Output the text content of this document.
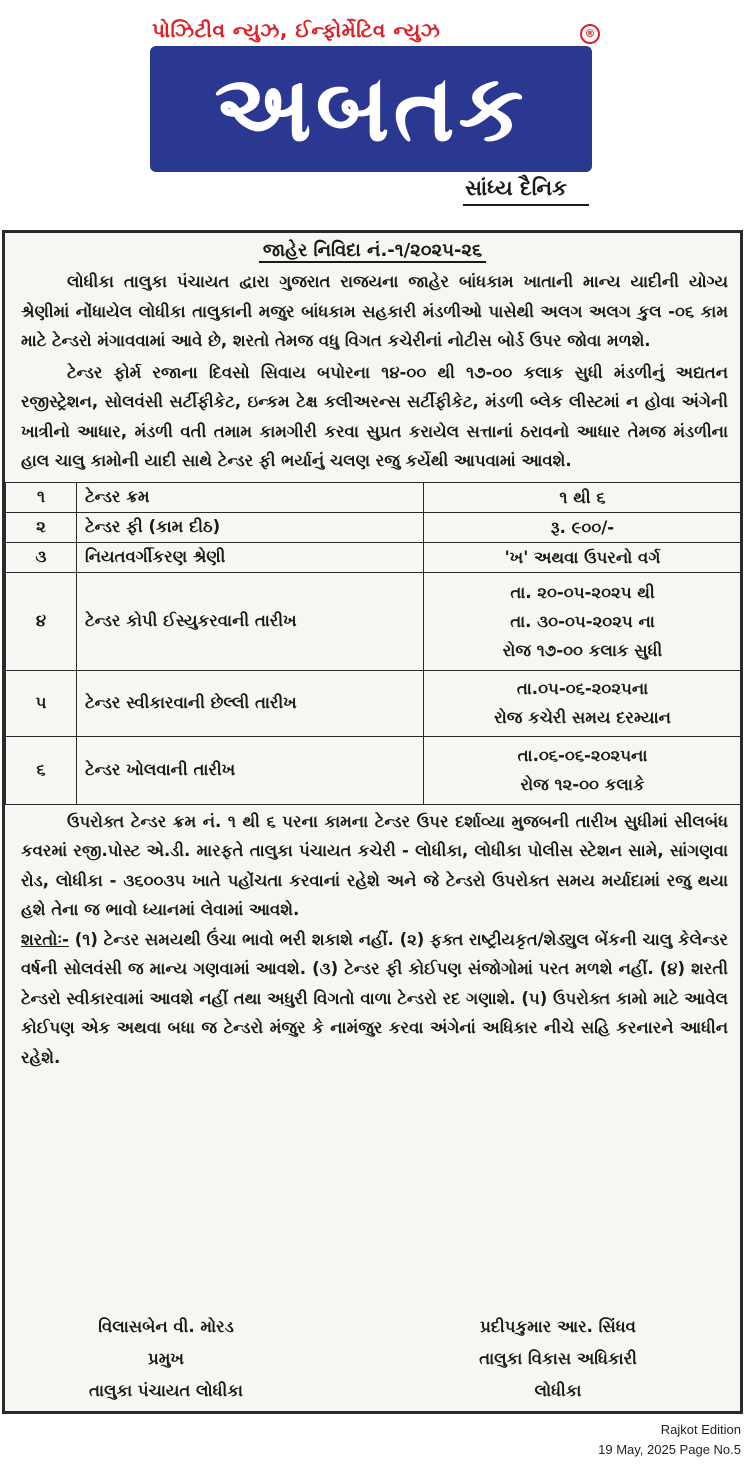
પોઝિટીવ ન્યુઝ, ઈન્ફોર્મેટિવ ન્યુઝ	®
અબતક
સાંધ્ય દૈનિક
જાહેર નિવિદા નં.-૧/૨૦૨૫-૨૬

લોધીકા તાલુકા પંચાયત દ્વારા ગુજરાત રાજયના જાહેર બાંધકામ ખાતાની માન્ય યાદીની યોગ્ય શ્રેણીમાં નોંધાયેલ લોધીકા તાલુકાની મજુર બાંધકામ સહકારી મંડળીઓ પાસેથી અલગ અલગ કુલ -૦૬ કામ માટે ટેન્ડરો મંગાવવામાં આવે છે, શરતો તેમજ વધુ વિગત કચેરીનાં નોટીસ બોર્ડ ઉપર જોવા મળશે.

ટેન્ડર ફોર્મ રજાના દિવસો સિવાય બપોરના ૧૪-૦૦ થી ૧૭-૦૦ કલાક સુધી મંડળીનું અદ્યતન રજીસ્ટ્રેશન, સોલવંસી સર્ટીફીકેટ, ઇન્કમ ટેક્ષ કલીઅરન્સ સર્ટીફીકેટ, મંડળી બ્લેક લીસ્ટમાં ન હોવા અંગેની ખાત્રીનો આધાર, મંડળી વતી તમામ કામગીરી કરવા સુપ્રત કરાયેલ સત્તાનાં ઠરાવનો આધાર તેમજ મંડળીના હાલ ચાલુ કામોની યાદી સાથે ટેન્ડર ફી ભર્યાનું ચલણ રજુ કર્યેથી આપવામાં આવશે.

૧	ટેન્ડર ક્રમ	૧ થી ૬

૨	ટેન્ડર ફી (કામ દીઠ)	રૂ. ૯૦૦/-

૩	નિયતવર્ગીકરણ શ્રેણી	'ખ' અથવા ઉપરનો વર્ગ

૪	ટેન્ડર કોપી ઈસ્યુકરવાની તારીખ	તા. ૨૦-૦૫-૨૦૨૫ થી
તા. ૩૦-૦૫-૨૦૨૫ ના
રોજ ૧૭-૦૦ કલાક સુધી

૫	ટેન્ડર સ્વીકારવાની છેલ્લી તારીખ	તા.૦૫-૦૬-૨૦૨૫ના
રોજ કચેરી સમય દરમ્યાન

૬	ટેન્ડર ખોલવાની તારીખ	તા.૦૬-૦૬-૨૦૨૫ના
રોજ ૧૨-૦૦ કલાકે

ઉપરોક્ત ટેન્ડર ક્રમ નં. ૧ થી ૬ પરના કામના ટેન્ડર ઉપર દર્શાવ્યા મુજબની તારીખ સુધીમાં સીલબંધ કવરમાં રજી.પોસ્ટ એ.ડી. મારફતે તાલુકા પંચાયત કચેરી - લોધીકા, લોધીકા પોલીસ સ્ટેશન સામે, સાંગણવા રોડ, લોધીકા - ૩૬૦૦૩૫ ખાતે પહોંચતા કરવાનાં રહેશે અને જે ટેન્ડરો ઉપરોક્ત સમય મર્યાદામાં રજુ થયા હશે તેના જ ભાવો ધ્યાનમાં લેવામાં આવશે.

શરતોઃ- (૧) ટેન્ડર સમયથી ઉંચા ભાવો ભરી શકાશે નહીં. (૨) ફક્ત રાષ્ટ્રીયકૃત/શેડ્યુલ બેંકની ચાલુ કેલેન્ડર વર્ષની સોલવંસી જ માન્ય ગણવામાં આવશે. (૩) ટેન્ડર ફી કોઈપણ સંજોગોમાં પરત મળશે નહીં. (૪) શરતી ટેન્ડરો સ્વીકારવામાં આવશે નહીં તથા અધુરી વિગતો વાળા ટેન્ડરો રદ ગણાશે. (૫) ઉપરોક્ત કામો માટે આવેલ કોઈપણ એક અથવા બધા જ ટેન્ડરો મંજુર કે નામંજુર કરવા અંગેનાં અધિકાર નીચે સહિ કરનારને આધીન રહેશે.

વિલાસબેન વી. મોરડ
પ્રમુખ
તાલુકા પંચાયત લોધીકા
પ્રદીપકુમાર આર. સિંધવ
તાલુકા વિકાસ અધિકારી
લોધીકા
Rajkot Edition
19 May, 2025 Page No.5
